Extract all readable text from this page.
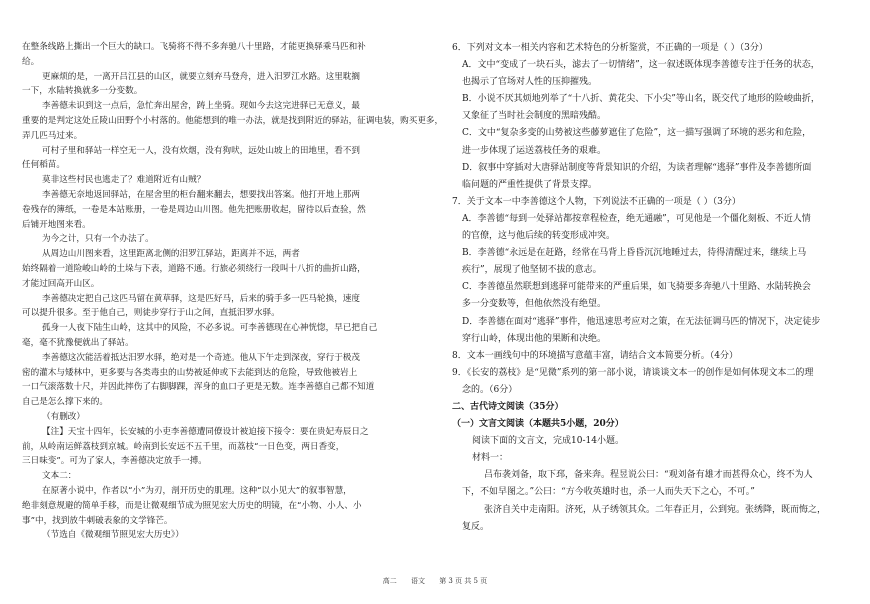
在整条线路上撕出一个巨大的缺口。飞骑将不得不多奔驰八十里路，才能更换驿乘马匹和补

给。

更麻烦的是，一离开吕江县的山区，就要立刻弃马登舟，进入汨罗江水路。这里耽搁

一下，水陆转换就多一分变数。

李善德未识到这一点后，急忙奔出屋舍，踌上坐骑。现如今去这完进驿已无意义，最

重要的是判定这处丘陵山田野个小村落的。他能想到的唯一办法，就是找到附近的驿站，征调电装，购买更多，

弄几匹马过来。

可村子里和驿站一样空无一人，没有炊烟，没有狗吠，远处山坡上的田地里，看不到

任何稻苗。

莫非这些村民也逃走了？难道附近有山贼？

李善德无奈地返回驿站，在屋舍里的柜台翻来翻去，想要找出答案。他打开地上那两

卷残存的簿纸，一卷是本站账册，一卷是周边山川图。他先把账册收起，留待以后查验，然

后铺开地图来看。

为今之计，只有一个办法了。

从周边山川图来看，这里距离北侧的汨罗江驿站，距离并不远，两者

始终隔着一道险峻山岭的土垛与下表，道路不通。行旅必须绕行一段叫十八折的曲折山路，

才能过回高开山区。

李善德决定把自己这匹马留在黄草驿，这是匹好马，后来的骑手多一匹马轮换，速度

可以提升很多。至于他自己，则徒步穿行于山之间，直抵汨罗水驿。

孤身一人夜下陆生山岭，这其中的风险，不必多说。可李善德现在心神恍惚，早已把自己

毫，毫不犹豫便就出了驿站。

李善德这次能活着抵达汨罗水驿，绝对是一个奇迹。他从下午走到深夜，穿行于极茂

密的灌木与矮林中，更多要与各类毒虫的山势被延伸或下去能到达的危险，导致他被岩上

一口气滚落数十尺，并因此摔伤了右脚脚踝，浑身的血口子更是无数。连李善德自己都不知道

自己是怎么撑下来的。

（有删改）

【注】天宝十四年，长安城的小吏李善德遭同僚设计被迫接下接令：要在贵妃寿辰日之

前，从岭南运鲜荔枝到京城。岭南到长安远不五千里，而荔枝“一日色变，两日香变，

三日味变”。可为了家人，李善德决定放手一搏。

文本二：

在原著小说中，作者以“小”为刃，剖开历史的肌理。这种“以小见大”的叙事智慧，

绝非刻意规避的简单手移，而是让微观细节成为照见宏大历史的明镜，在“小物、小人、小

事”中，找到放牛刺破表象的文学锋芒。

（节选自《微观细节照见宏大历史》）

6．下列对文本一相关内容和艺术特色的分析鉴赏，不正确的一项是（ ）（3分）

A．文中“变成了一块石头，滤去了一切情绪”，这一叙述既体现李善德专注于任务的状态，

也揭示了官场对人性的压抑摧残。

B．小说不厌其烦地列举了“十八折、黄花尖、下小尖”等山名，既交代了地形的险峻曲折，

又象征了当时社会制度的黑暗残酷。

C．文中“复杂多变的山势被这些藤萝遮住了危险”，这一描写强调了环境的恶劣和危险，

进一步体现了运送荔枝任务的艰难。

D．叙事中穿插对大唐驿站制度等背景知识的介绍，为读者理解“逃驿”事件及李善德所面

临问题的严重性提供了背景支撑。

7．关于文本一中李善德这个人物，下列说法不正确的一项是（ ）（3分）

A．李善德“每到一处驿站都按章程检查，绝无通融”，可见他是一个僵化刻板、不近人情

的官僚，这与他后续的转变形成冲突。

B．李善德“永远是在赶路，经常在马背上昏昏沉沉地睡过去，待得清醒过来，继续上马

疾行”，展现了他坚韧不拔的意志。

C．李善德虽然联想到逃驿可能带来的严重后果，如飞骑要多奔驰八十里路、水陆转换会

多一分变数等，但他依然没有绝望。

D．李善德在面对“逃驿”事件，他迅速思考应对之策，在无法征调马匹的情况下，决定徒步

穿行山岭，体现出他的果断和决绝。

8．文本一画线句中的环境描写意蕴丰富，请结合文本简要分析。（4分）

9．《长安的荔枝》是“见微”系列的第一部小说，请谈谈文本一的创作是如何体现文本二的理

念的。（6分）

二、古代诗文阅读（35分）

（一）文言文阅读（本题共5小题，20分）

阅读下面的文言文，完成10-14小题。

材料一：

吕布袭刘备，取下邳，备来奔。程昱说公曰：“观刘备有雄才而甚得众心，终不为人

下，不如早图之。”公曰：“方今收英雄时也，杀一人而失天下之心，不可。”

张济自关中走南阳。济死，从子绣领其众。二年春正月，公到宛。张绣降，既而悔之，

复反。

高二 语文 第 3 页 共 5 页
